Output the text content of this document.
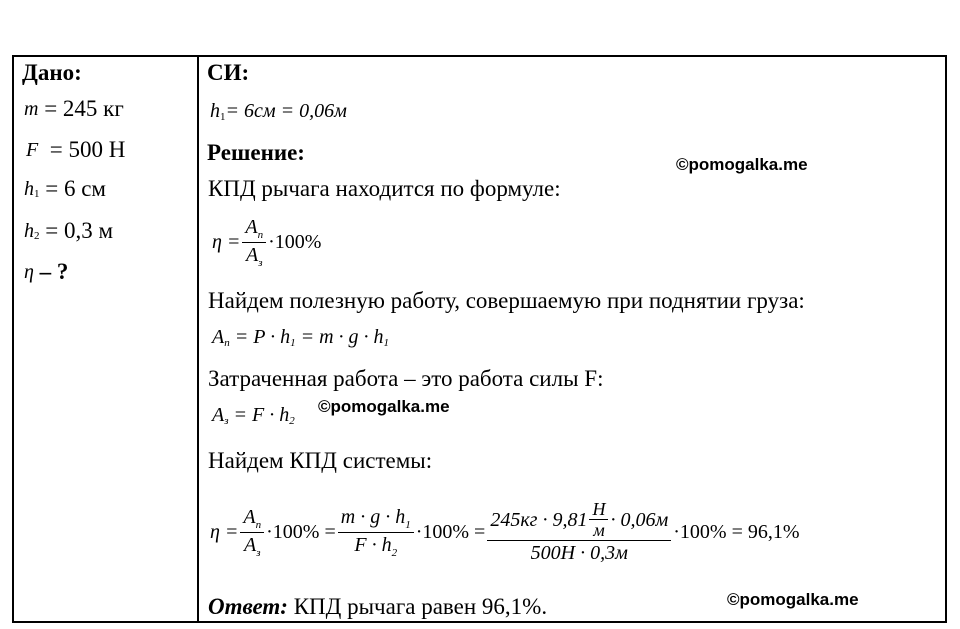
Дано:
m
= 245 кг
F
= 500 Н
h 1
= 6 см
h 2
= 0,3 м
η
– ?
СИ:
h 1 = 6см = 0,06м
Решение:	©pomogalka.me
КПД рычага находится по формуле:
$\eta = \frac{A_п}{A_з} \cdot 100\%$
Найдем полезную работу, совершаемую при поднятии груза:
A п
= P · h 1
= m · g · h 1
Затраченная работа – это работа силы F:
A з
= F · h 2
©pomogalka.me
Найдем КПД системы:
$\eta = \frac{A_п}{A_з} \cdot 100\% = \frac{m \cdot g \cdot h_1}{F \cdot h_2} \cdot 100\% = \frac{245кг \cdot 9,81 \frac{Н}{м} \cdot 0,06м}{500Н \cdot 0,3м} \cdot 100\% = 96,1\%$
Ответ: КПД рычага равен 96,1%.	©pomogalka.me
